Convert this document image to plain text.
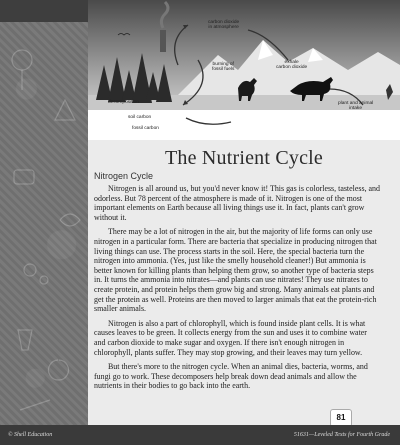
carbon dioxide
in atmosphere
burning of
fossil fuels
exhale
carbon dioxide
decomposition
soil carbon
fossil carbon
plant and animal
intake
The Nutrient Cycle
Nitrogen Cycle

Nitrogen is all around us, but you'd never know it! This gas is colorless, tasteless, and odorless. But 78 percent of the atmosphere is made of it. Nitrogen is one of the most important elements on Earth because all living things use it. In fact, plants can't grow without it.

There may be a lot of nitrogen in the air, but the majority of life forms can only use nitrogen in a particular form. There are bacteria that specialize in producing nitrogen that living things can use. The process starts in the soil. Here, the special bacteria turn the nitrogen into ammonia. (Yes, just like the smelly household cleaner!) But ammonia is better known for killing plants than helping them grow, so another type of bacteria steps in. It turns the ammonia into nitrates—and plants can use nitrates! They use nitrates to create protein, and protein helps them grow big and strong. Many animals eat plants and get the protein as well. Proteins are then moved to larger animals that eat the protein-rich smaller animals.

Nitrogen is also a part of chlorophyll, which is found inside plant cells. It is what causes leaves to be green. It collects energy from the sun and uses it to combine water and carbon dioxide to make sugar and oxygen. If there isn't enough nitrogen in chlorophyll, plants suffer. They may stop growing, and their leaves may turn yellow.

But there's more to the nitrogen cycle. When an animal dies, bacteria, worms, and fungi go to work. These decomposers help break down dead animals and allow the nutrients in their bodies to go back into the earth.

81
© Shell Education	51631—Leveled Texts for Fourth Grade
